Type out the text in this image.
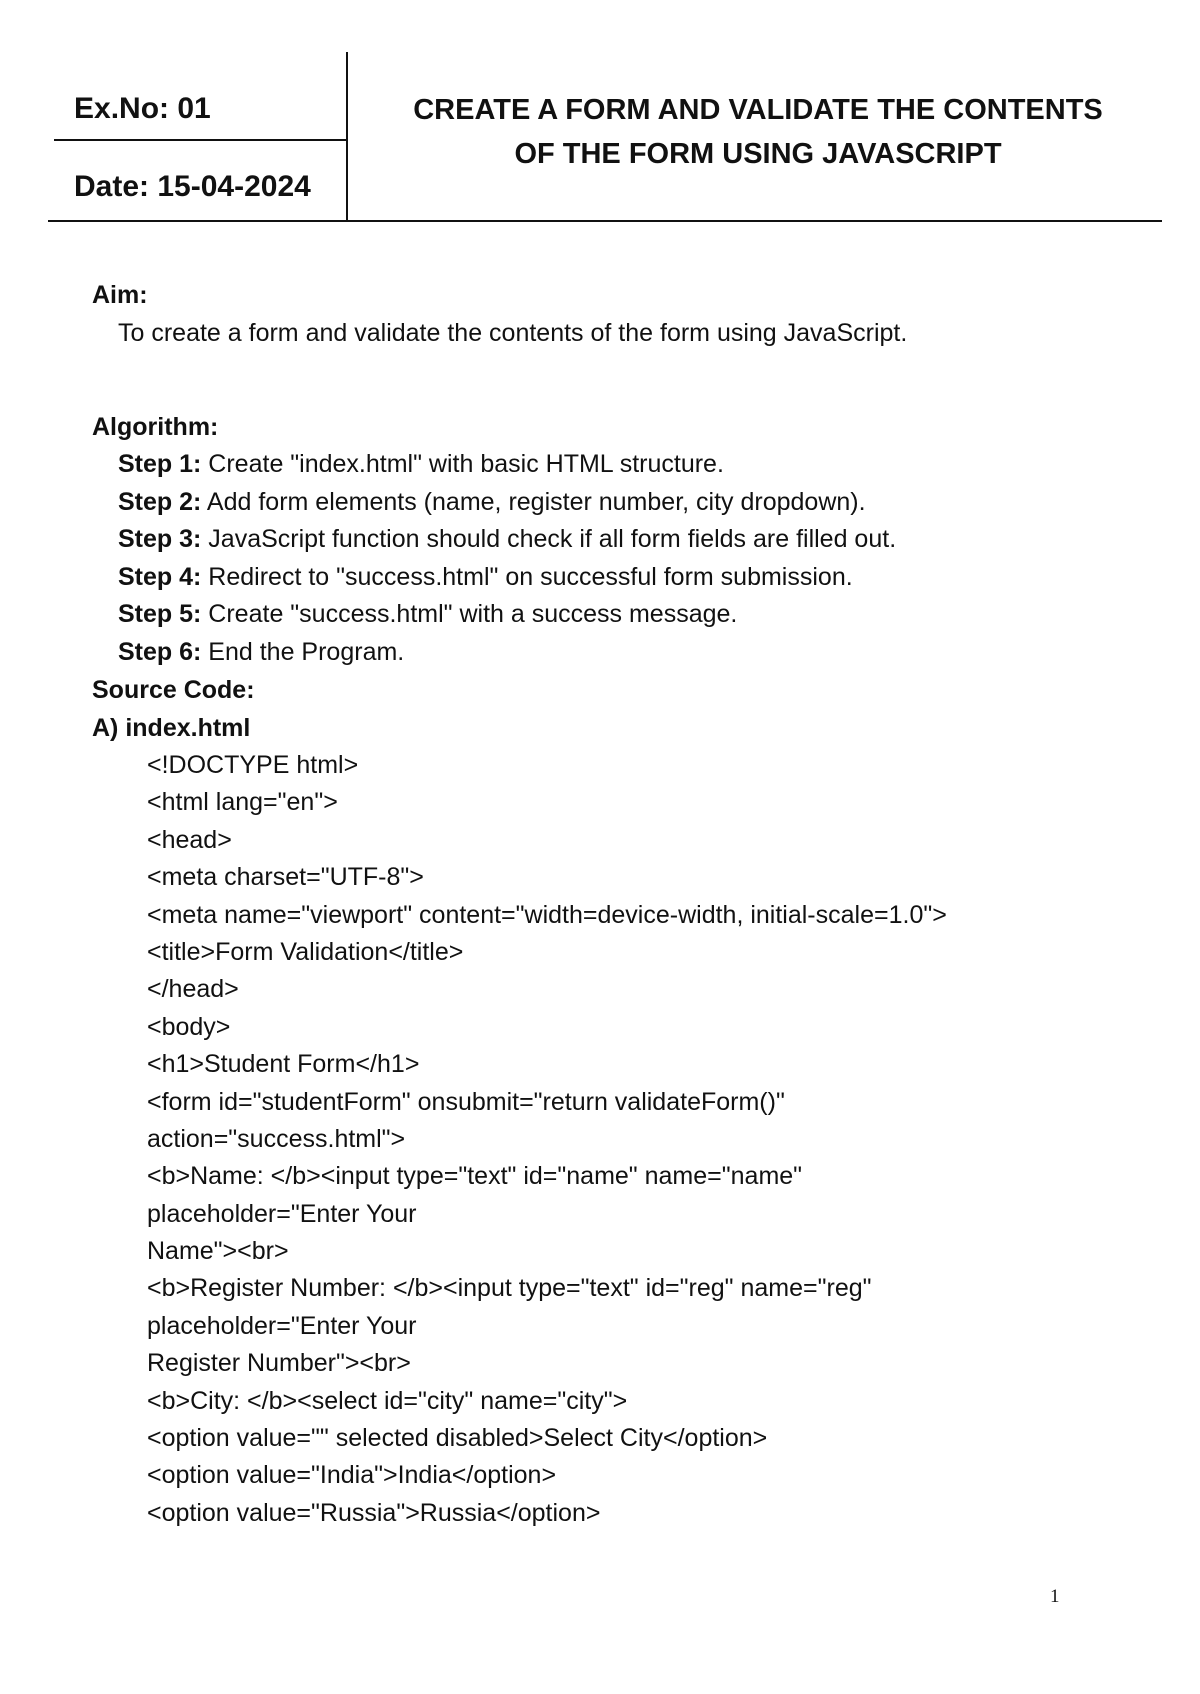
Ex.No: 01
Date: 15-04-2024
CREATE A FORM AND VALIDATE THE CONTENTS
OF THE FORM USING JAVASCRIPT
Aim:
To create a form and validate the contents of the form using JavaScript.
Algorithm:
Step 1: Create "index.html" with basic HTML structure.
Step 2: Add form elements (name, register number, city dropdown).
Step 3: JavaScript function should check if all form fields are filled out.
Step 4: Redirect to "success.html" on successful form submission.
Step 5: Create "success.html" with a success message.
Step 6: End the Program.
Source Code:
A) index.html
<!DOCTYPE html>
<html lang="en">
<head>
<meta charset="UTF-8">
<meta name="viewport" content="width=device-width, initial-scale=1.0">
<title>Form Validation</title>
</head>
<body>
<h1>Student Form</h1>
<form id="studentForm" onsubmit="return validateForm()"
action="success.html">
<b>Name: </b><input type="text" id="name" name="name"
placeholder="Enter Your
Name"><br>
<b>Register Number: </b><input type="text" id="reg" name="reg"
placeholder="Enter Your
Register Number"><br>
<b>City: </b><select id="city" name="city">
<option value="" selected disabled>Select City</option>
<option value="India">India</option>
<option value="Russia">Russia</option>
1
